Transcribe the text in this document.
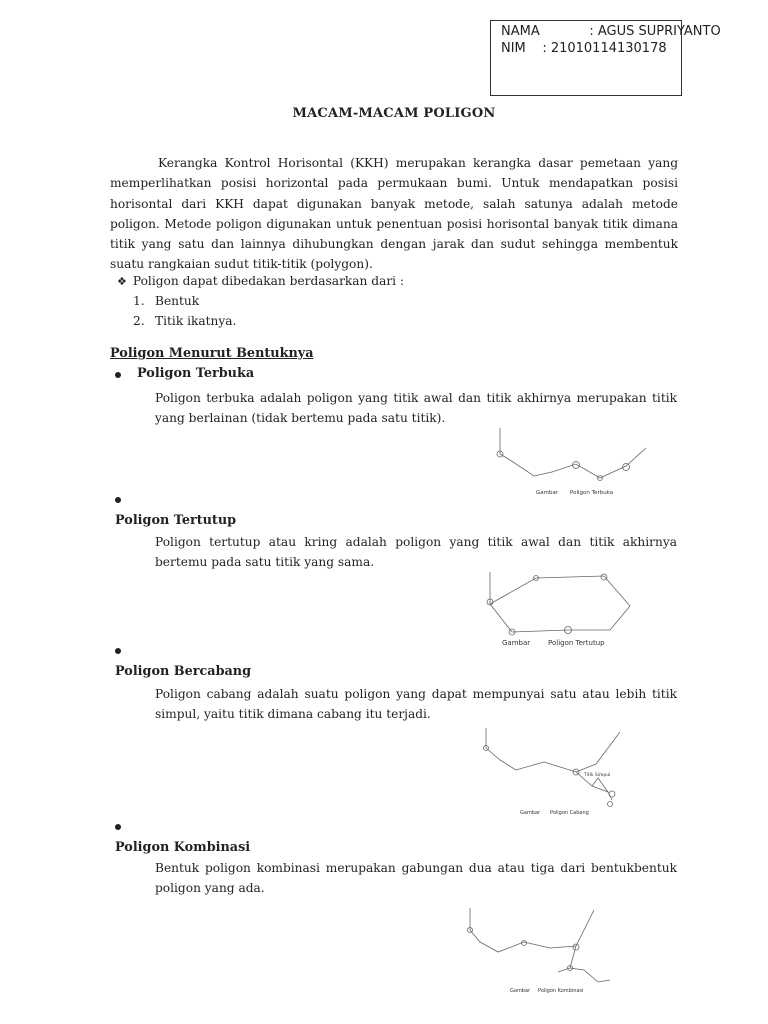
NAMA	: AGUS SUPRIYANTO
NIM : 21010114130178
MACAM-MACAM POLIGON
Kerangka Kontrol Horisontal (KKH) merupakan kerangka dasar pemetaan yang memperlihatkan posisi horizontal pada permukaan bumi. Untuk mendapatkan posisi horisontal dari KKH dapat digunakan banyak metode, salah satunya adalah metode poligon. Metode poligon digunakan untuk penentuan posisi horisontal banyak titik dimana titik yang satu dan lainnya dihubungkan dengan jarak dan sudut sehingga membentuk suatu rangkaian sudut titik-titik (polygon).
❖ Poligon dapat dibedakan berdasarkan dari :
1. Bentuk
2. Titik ikatnya.
Poligon Menurut Bentuknya
Poligon Terbuka
Poligon terbuka adalah poligon yang titik awal dan titik akhirnya merupakan titik yang berlainan (tidak bertemu pada satu titik).
Gambar Poligon Terbuka
Poligon Tertutup
Poligon tertutup atau kring adalah poligon yang titik awal dan titik akhirnya bertemu pada satu titik yang sama.
Gambar	Poligon Tertutup
Poligon Bercabang
Poligon cabang adalah suatu poligon yang dapat mempunyai satu atau lebih titik simpul, yaitu titik dimana cabang itu terjadi.
Titik Simpul
Gambar Poligon Cabang
Poligon Kombinasi
Bentuk poligon kombinasi merupakan gabungan dua atau tiga dari bentukbentuk poligon yang ada.
Gambar Poligon Kombinasi
